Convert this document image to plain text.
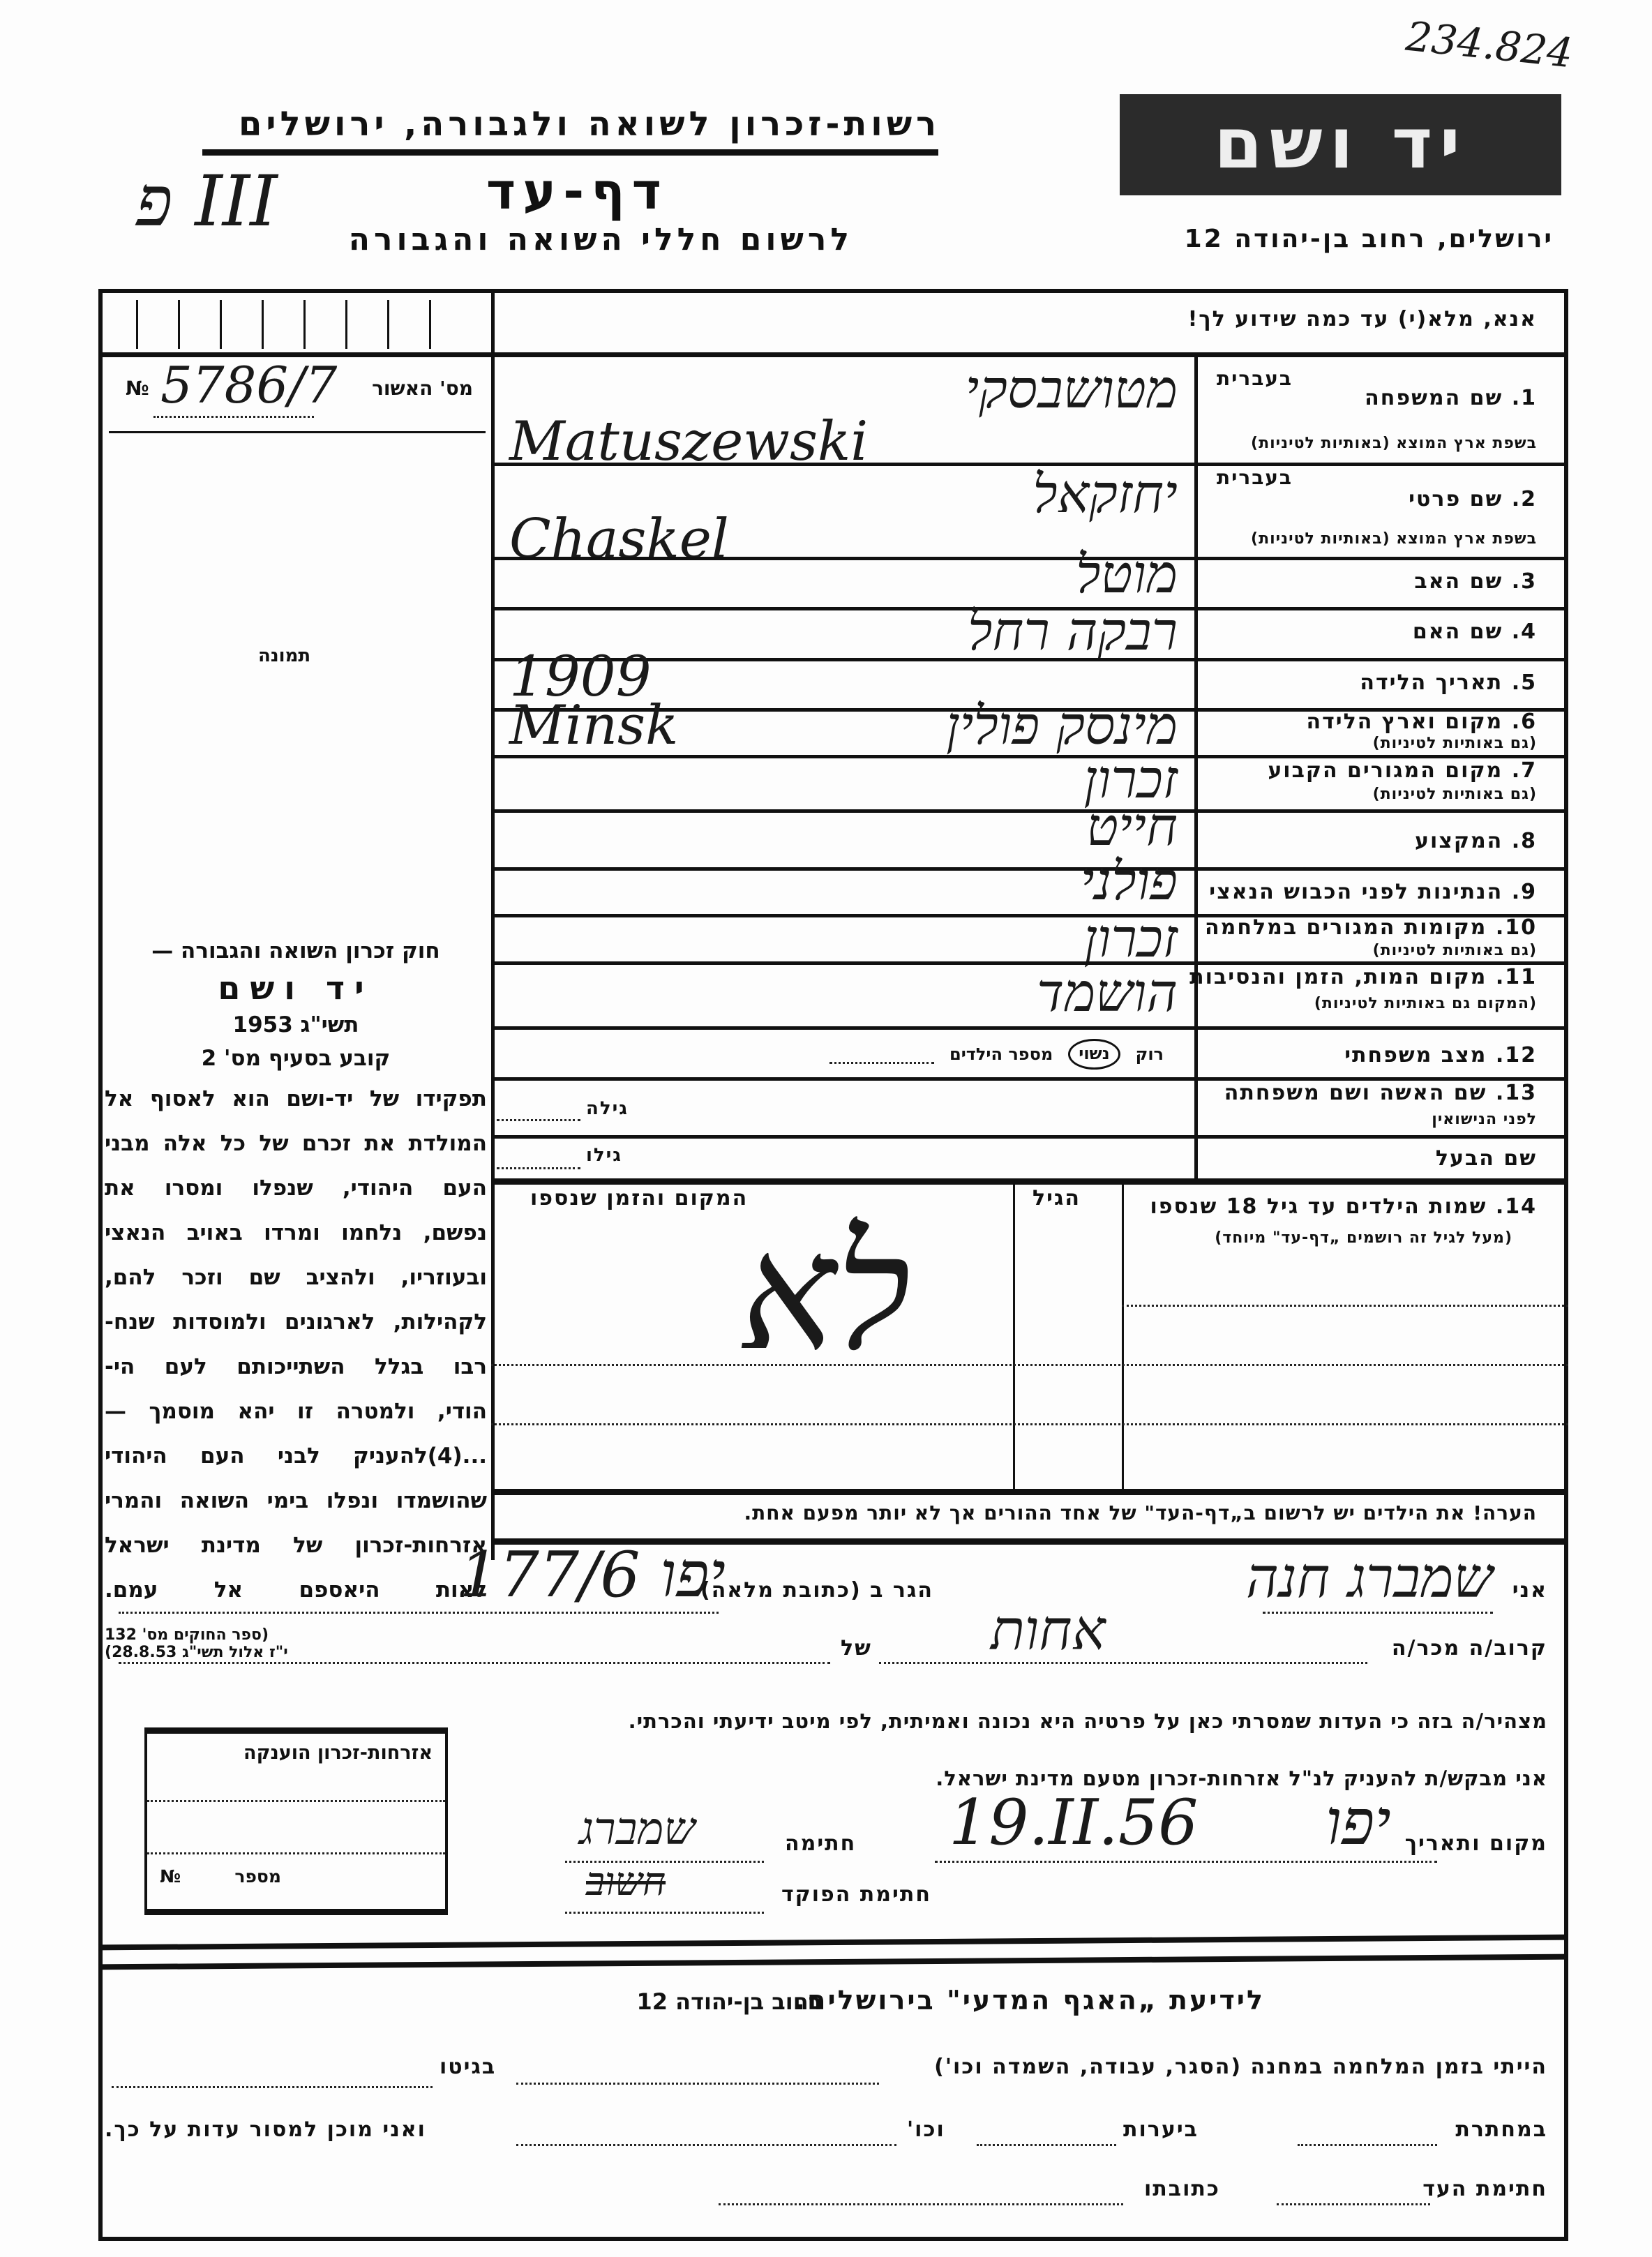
234.824
רשות-זכרון לשואה ולגבורה, ירושלים	יד ושם
דף-עד
לרשום חללי השואה והגבורה	ירושלים, רחוב בן-יהודה 12
פ III
אנא, מלא(י) עד כמה שידוע לך!
מס' האשור
№ 5786/7
תמונה
חוק זכרון השואה והגבורה —
יד ושם
תשי"ג 1953
קובע בסעיף מס' 2
תפקידו של יד-ושם הוא לאסוף אל
המולדת את זכרם של כל אלה מבני
העם היהודי, שנפלו ומסרו את
נפשם, נלחמו ומרדו באויב הנאצי
ובעוזריו, ולהציב שם וזכר להם,
לקהילות, לארגונים ולמוסדות שנח-
רבו בגלל השתייכותם לעם הי-
הודי, ולמטרה זו יהא מוסמך —
...(4)להעניק לבני העם היהודי
שהושמדו ונפלו בימי השואה והמרי
אזרחות-זכרון של מדינת ישראל
לאות היאספם אל עמם.
(ספר החוקים מס' 132
י"ז אלול תשי"ג 28.8.53)
1. שם המשפחה
בשפת ארץ המוצא (באותיות לטיניות)
בעברית
מטושבסקי
Matuszewski
2. שם פרטי
בשפת ארץ המוצא (באותיות לטיניות)
בעברית
יחזקאל
Chaskel
3. שם האב
מוטל
4. שם האם
רבקה רחל
5. תאריך הלידה
1909
6. מקום וארץ הלידה
(גם באותיות לטיניות)
מינסק פולין
Minsk
7. מקום המגורים הקבוע
(גם באותיות לטיניות)
זכרון
8. המקצוע
חייט
9. הנתינות לפני הכבוש הנאצי
פולני
10. מקומות המגורים במלחמה
(גם באותיות לטיניות)
זכרון
11. מקום המות, הזמן והנסיבות
(המקום גם באותיות לטיניות)
הושמד
12. מצב משפחתי
רוק
נשוי
מספר הילדים
13. שם האשה ושם משפחתה
לפני הנישואין
גילה
שם הבעל
גילו
14. שמות הילדים עד גיל 18 שנספו
(מעל לגיל זה רושמים „דף-עד" מיוחד)
הגיל
המקום והזמן שנספו
לא
הערה! את הילדים יש לרשום ב„דף-העד" של אחד ההורים אך לא יותר מפעם אחת.
אני
שמברג חנה
הגר ב (כתובת מלאה)
יפו 177/6
קרוב/ה מכר/ה
אחות
של
מצהיר/ה בזה כי העדות שמסרתי כאן על פרטיה היא נכונה ואמיתית, לפי מיטב ידיעתי והכרתי.
אזרחות-זכרון הוענקה
מספר
№
אני מבקש/ת להעניק לנ"ל אזרחות-זכרון מטעם מדינת ישראל.
מקום ותאריך
יפו
19.II.56
חתימה
שמברג
חתימת הפוקד
חשוב
לידיעת „האגף המדעי" בירושלים.
רחוב בן-יהודה 12
הייתי בזמן המלחמה במחנה (הסגר, עבודה, השמדה וכו')
בגיטו
במחתרת
ביערות
וכו'
ואני מוכן למסור עדות על כך.
חתימת העד
כתובתו
